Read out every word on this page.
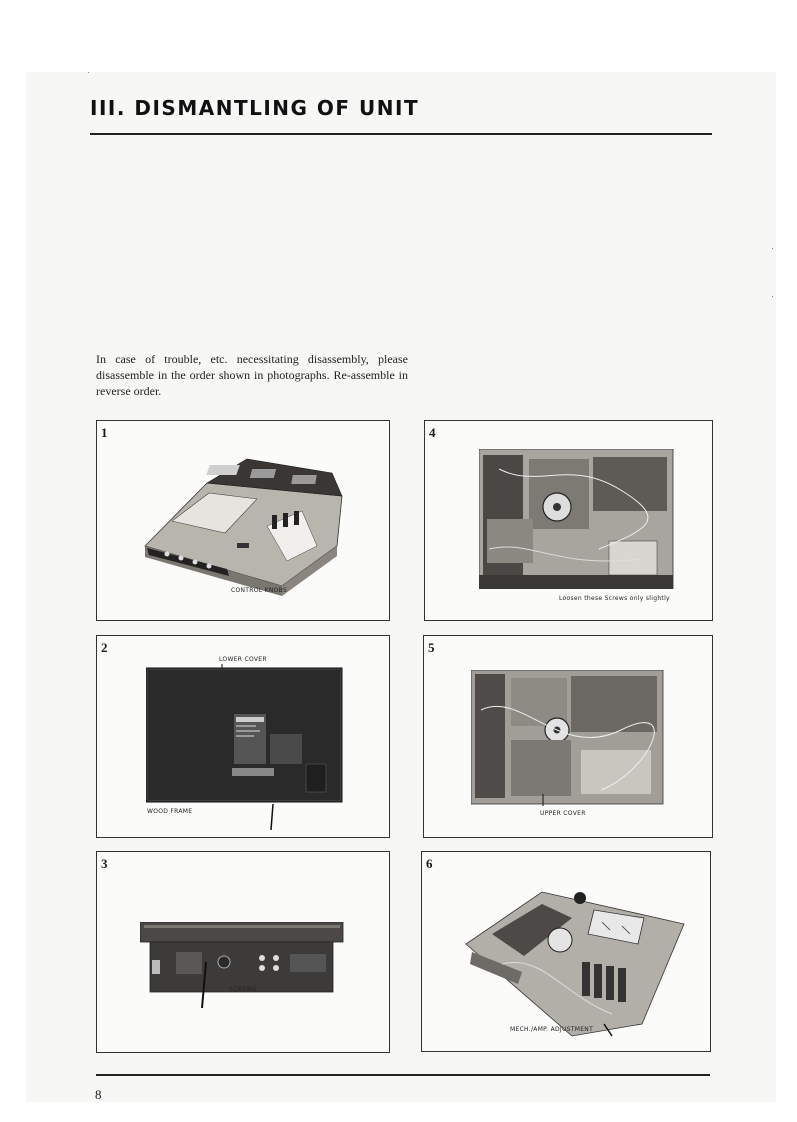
III. DISMANTLING OF UNIT
In case of trouble, etc. necessitating disassembly, please disassemble in the order shown in photographs. Re-assemble in reverse order.
1
CONTROL KNOBS
2
LOWER COVER
WOOD FRAME
3
SCREWS
4
Loosen these Screws only slightly
5
UPPER COVER
6
MECH./AMP. ADJUSTMENT
8
